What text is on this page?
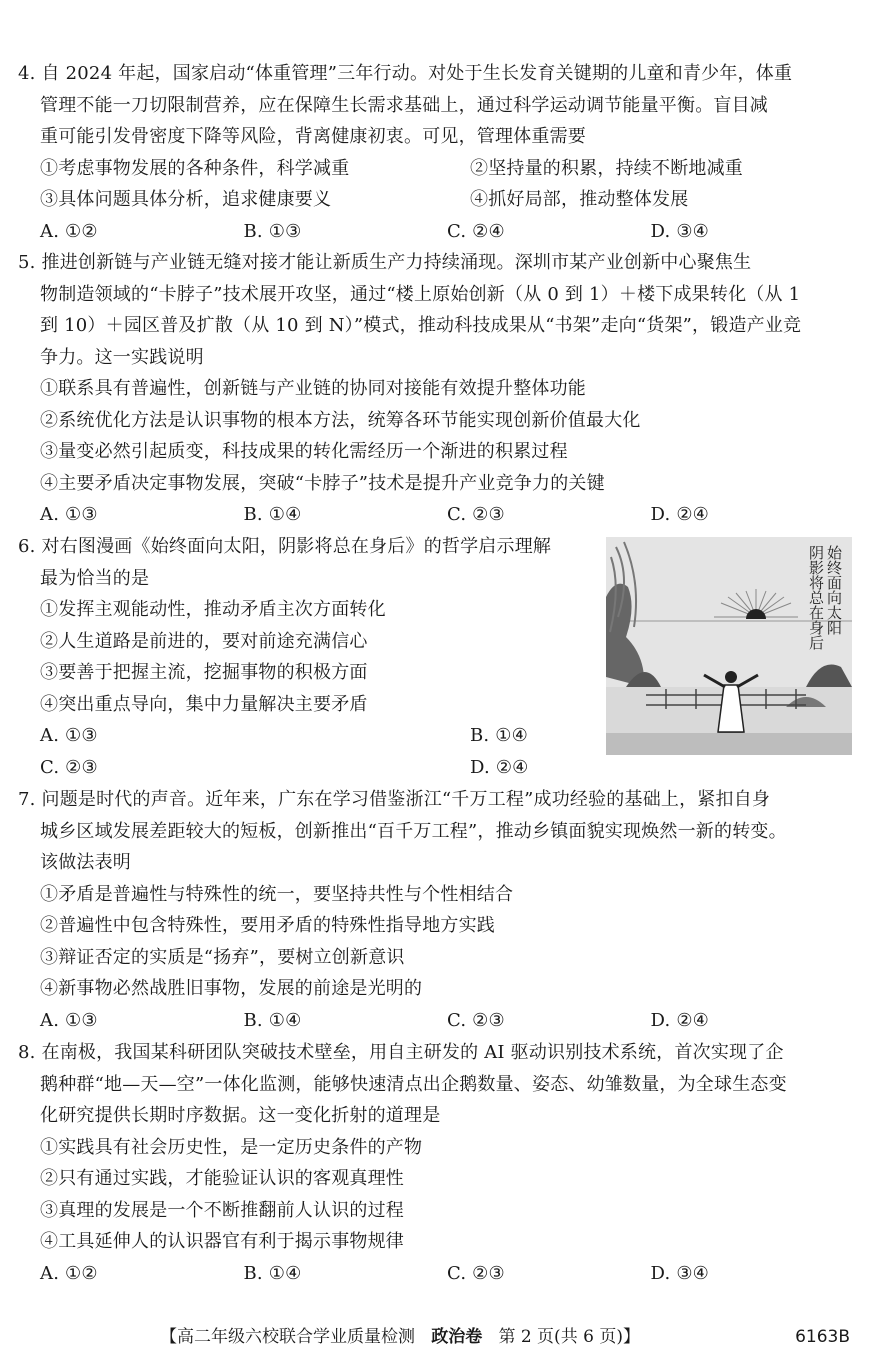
4. 自 2024 年起，国家启动“体重管理”三年行动。对处于生长发育关键期的儿童和青少年，体重
管理不能一刀切限制营养，应在保障生长需求基础上，通过科学运动调节能量平衡。盲目减
重可能引发骨密度下降等风险，背离健康初衷。可见，管理体重需要
①考虑事物发展的各种条件，科学减重	②坚持量的积累，持续不断地减重
③具体问题具体分析，追求健康要义	④抓好局部，推动整体发展
A. ①②	B. ①③	C. ②④	D. ③④
5. 推进创新链与产业链无缝对接才能让新质生产力持续涌现。深圳市某产业创新中心聚焦生
物制造领域的“卡脖子”技术展开攻坚，通过“楼上原始创新（从 0 到 1）＋楼下成果转化（从 1
到 10）＋园区普及扩散（从 10 到 N）”模式，推动科技成果从“书架”走向“货架”，锻造产业竞
争力。这一实践说明
①联系具有普遍性，创新链与产业链的协同对接能有效提升整体功能
②系统优化方法是认识事物的根本方法，统筹各环节能实现创新价值最大化
③量变必然引起质变，科技成果的转化需经历一个渐进的积累过程
④主要矛盾决定事物发展，突破“卡脖子”技术是提升产业竞争力的关键
A. ①③	B. ①④	C. ②③	D. ②④
6. 对右图漫画《始终面向太阳，阴影将总在身后》的哲学启示理解
最为恰当的是
①发挥主观能动性，推动矛盾主次方面转化
②人生道路是前进的，要对前途充满信心
③要善于把握主流，挖掘事物的积极方面
④突出重点导向，集中力量解决主要矛盾
A. ①③	B. ①④
C. ②③	D. ②④
始终面向太阳
阴影将总在身后
7. 问题是时代的声音。近年来，广东在学习借鉴浙江“千万工程”成功经验的基础上，紧扣自身
城乡区域发展差距较大的短板，创新推出“百千万工程”，推动乡镇面貌实现焕然一新的转变。
该做法表明
①矛盾是普遍性与特殊性的统一，要坚持共性与个性相结合
②普遍性中包含特殊性，要用矛盾的特殊性指导地方实践
③辩证否定的实质是“扬弃”，要树立创新意识
④新事物必然战胜旧事物，发展的前途是光明的
A. ①③	B. ①④	C. ②③	D. ②④
8. 在南极，我国某科研团队突破技术壁垒，用自主研发的 AI 驱动识别技术系统，首次实现了企
鹅种群“地—天—空”一体化监测，能够快速清点出企鹅数量、姿态、幼雏数量，为全球生态变
化研究提供长期时序数据。这一变化折射的道理是
①实践具有社会历史性，是一定历史条件的产物
②只有通过实践，才能验证认识的客观真理性
③真理的发展是一个不断推翻前人认识的过程
④工具延伸人的认识器官有利于揭示事物规律
A. ①②	B. ①④	C. ②③	D. ③④
【高二年级六校联合学业质量检测 政治卷 第 2 页(共 6 页)】	6163B
